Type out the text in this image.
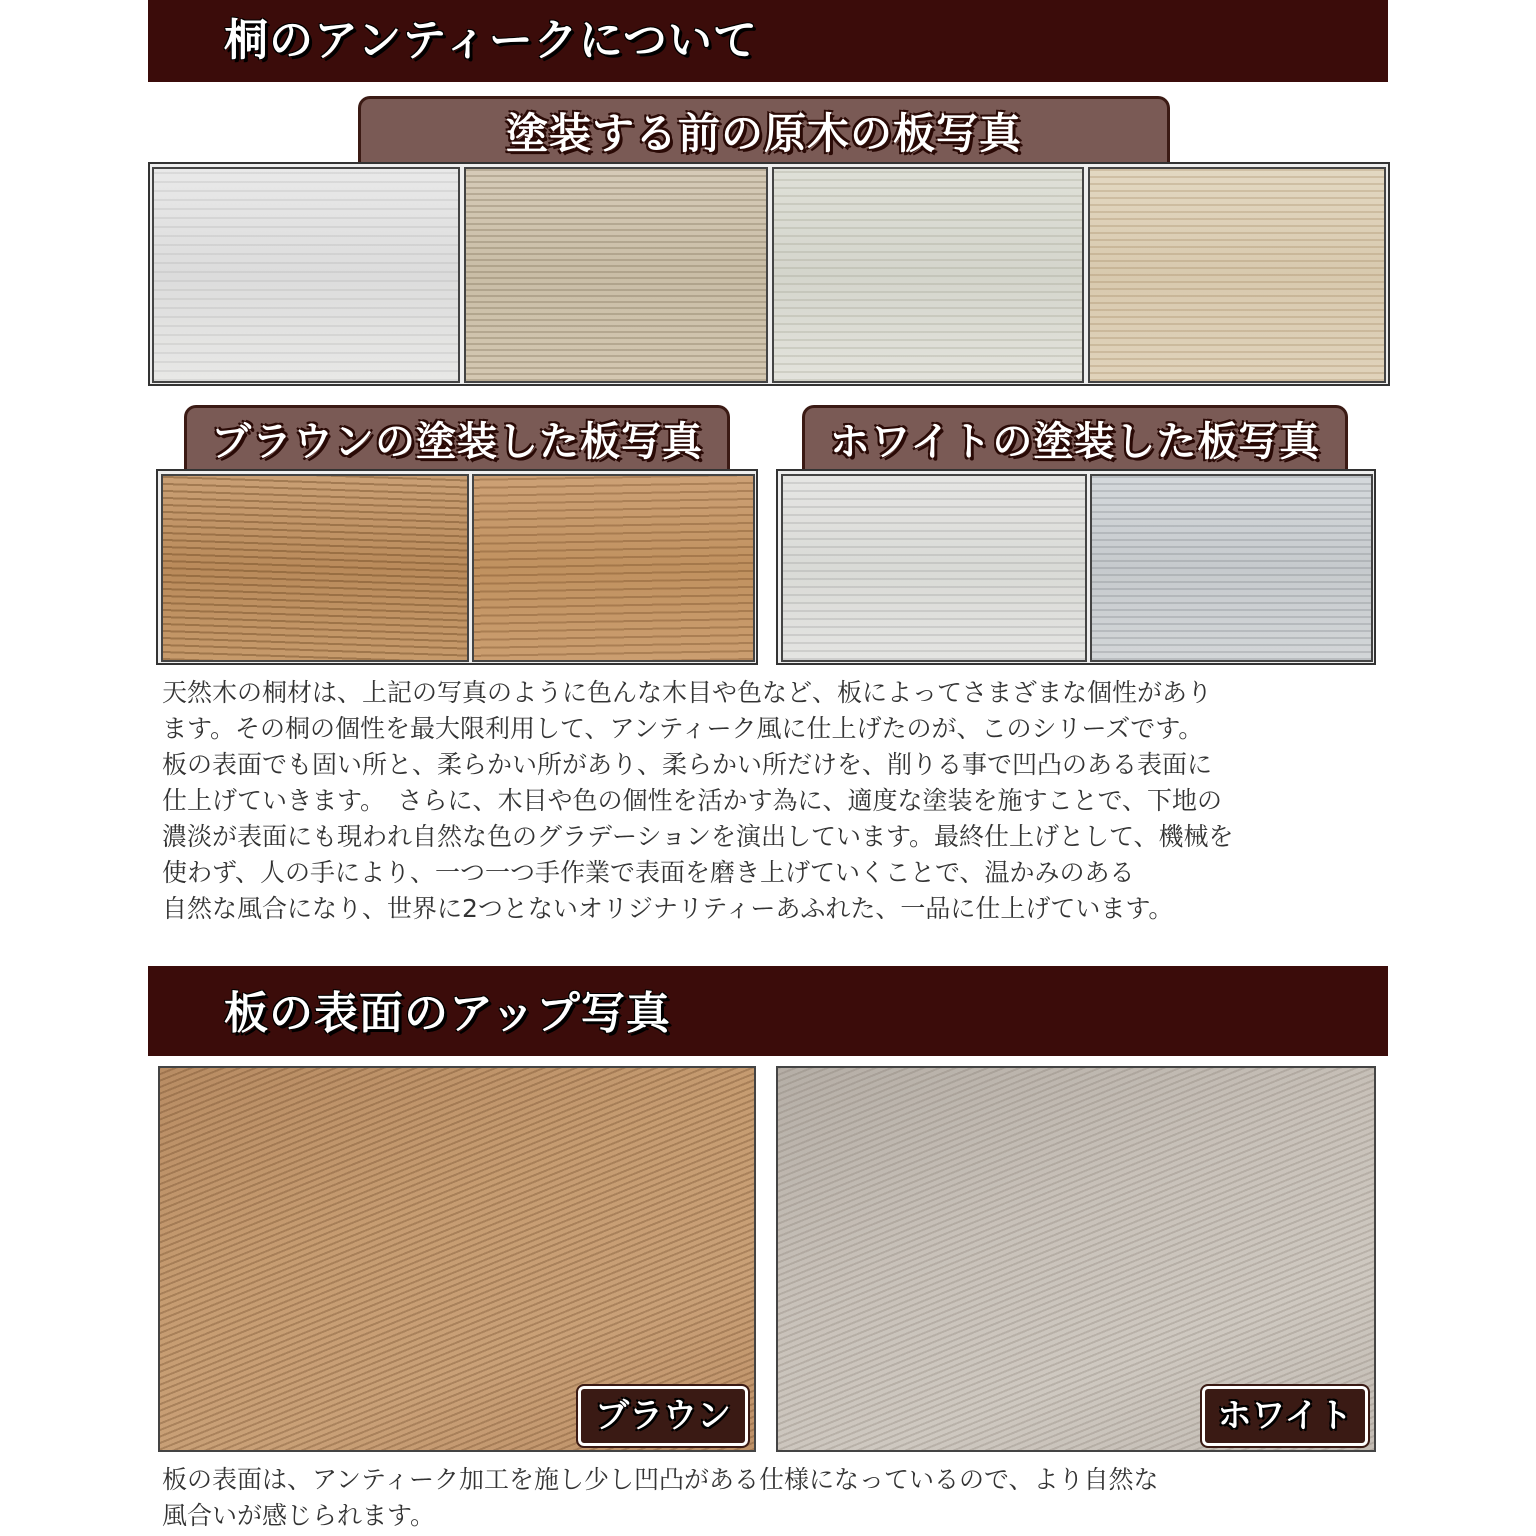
桐のアンティークについて
塗装する前の原木の板写真
ブラウンの塗装した板写真	ホワイトの塗装した板写真
天然木の桐材は、上記の写真のように色んな木目や色など、板によってさまざまな個性があり
ます。その桐の個性を最大限利用して、アンティーク風に仕上げたのが、このシリーズです。
板の表面でも固い所と、柔らかい所があり、柔らかい所だけを、削りる事で凹凸のある表面に
仕上げていきます。　さらに、木目や色の個性を活かす為に、適度な塗装を施すことで、下地の
濃淡が表面にも現われ自然な色のグラデーションを演出しています。最終仕上げとして、機械を
使わず、人の手により、一つ一つ手作業で表面を磨き上げていくことで、温かみのある
自然な風合になり、世界に2つとないオリジナリティーあふれた、一品に仕上げています。
板の表面のアップ写真
ブラウン	ホワイト
板の表面は、アンティーク加工を施し少し凹凸がある仕様になっているので、より自然な
風合いが感じられます。
